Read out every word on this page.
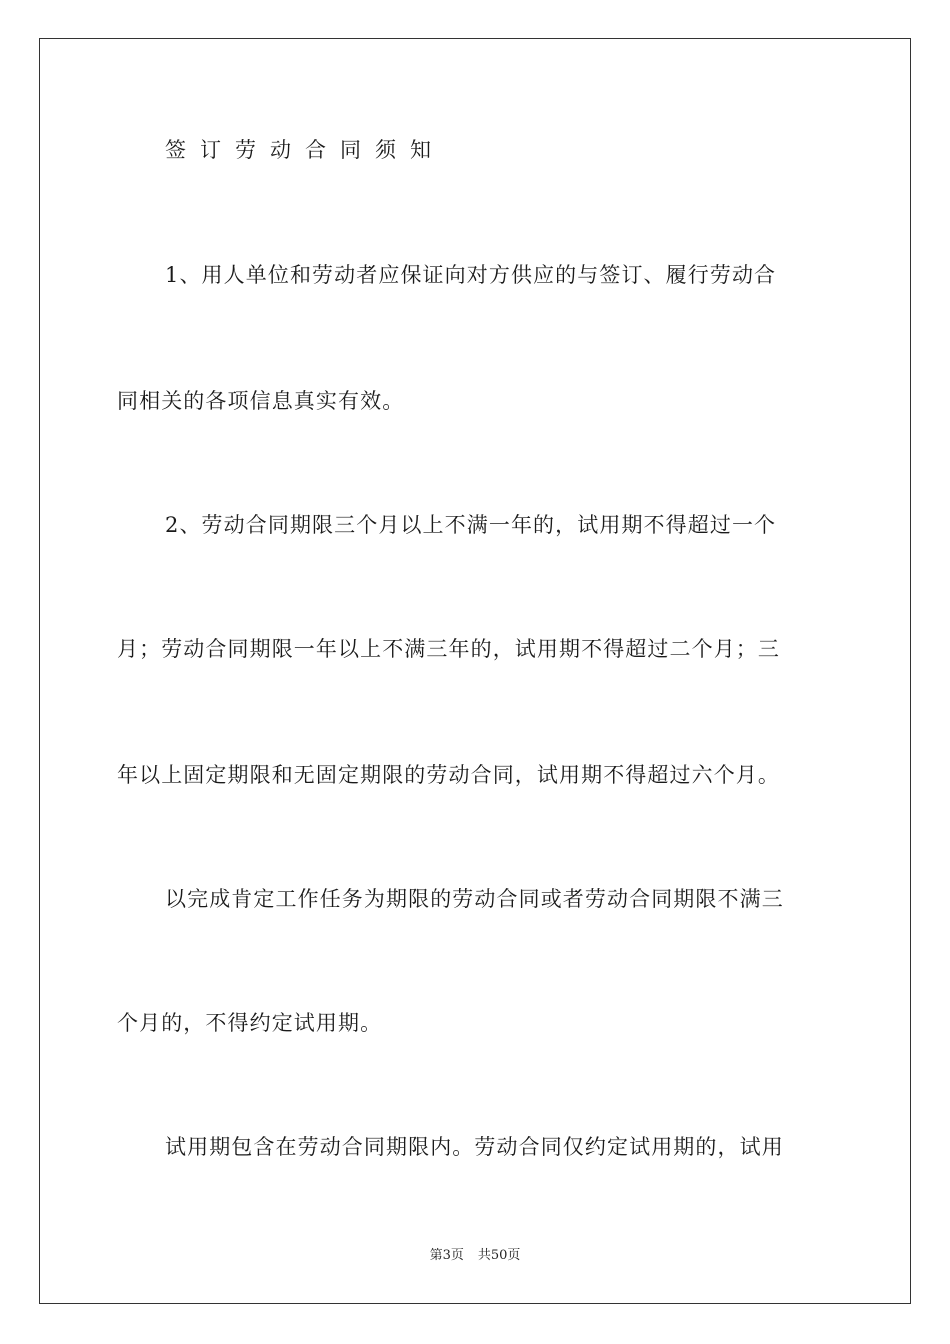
签订劳动合同须知
1、用人单位和劳动者应保证向对方供应的与签订、履行劳动合
同相关的各项信息真实有效。
2、劳动合同期限三个月以上不满一年的，试用期不得超过一个
月；劳动合同期限一年以上不满三年的，试用期不得超过二个月；三
年以上固定期限和无固定期限的劳动合同，试用期不得超过六个月。
以完成肯定工作任务为期限的劳动合同或者劳动合同期限不满三
个月的，不得约定试用期。
试用期包含在劳动合同期限内。劳动合同仅约定试用期的，试用
第3页 共50页
